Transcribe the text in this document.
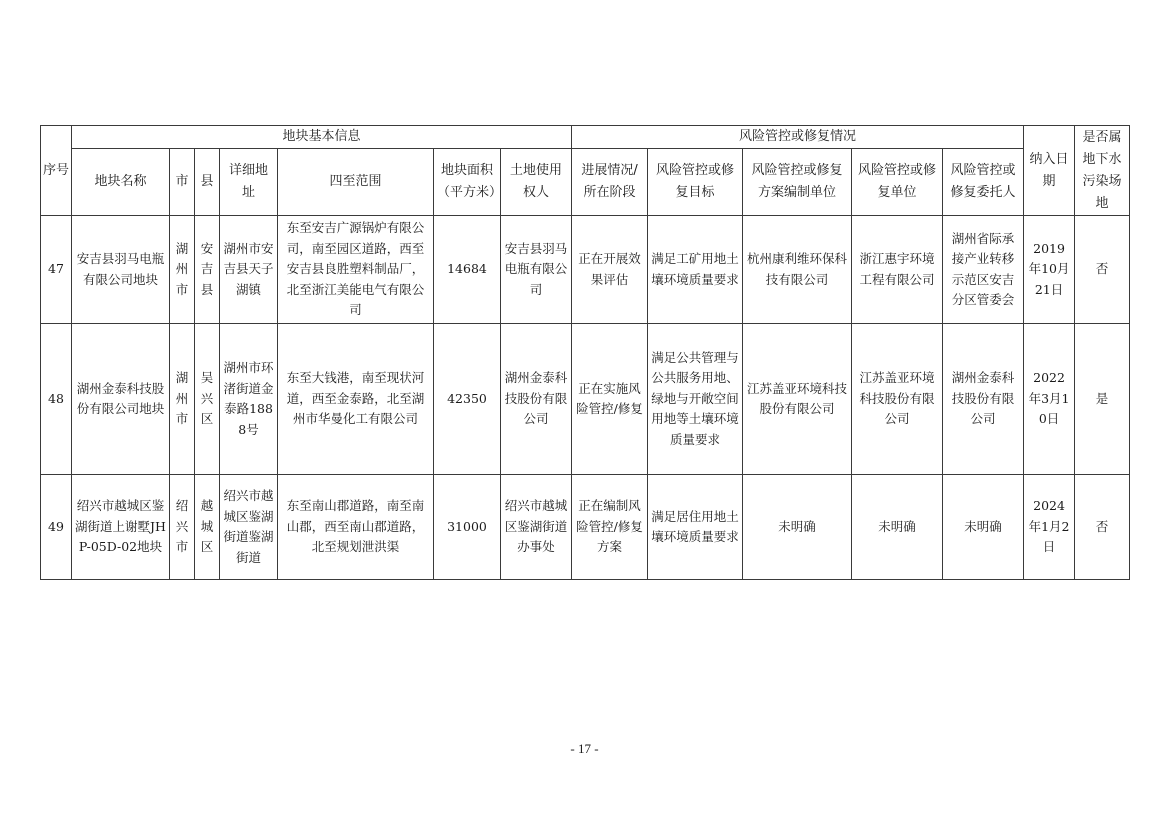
序号	地块基本信息							风险管控或修复情况					纳入日期	是否属地下水污染场地
	地块名称	市	县	详细地址	四至范围	地块面积（平方米）	土地使用权人	进展情况/所在阶段	风险管控或修复目标	风险管控或修复方案编制单位	风险管控或修复单位	风险管控或修复委托人		
47	安吉县羽马电瓶有限公司地块	湖州市	安吉县	湖州市安吉县天子湖镇	东至安吉广源锅炉有限公司，南至园区道路，西至安吉县良胜塑料制品厂，北至浙江美能电气有限公司	14684	安吉县羽马电瓶有限公司	正在开展效果评估	满足工矿用地土壤环境质量要求	杭州康利维环保科技有限公司	浙江惠宇环境工程有限公司	湖州省际承接产业转移示范区安吉分区管委会	2019年10月21日	否
48	湖州金泰科技股份有限公司地块	湖州市	吴兴区	湖州市环渚街道金泰路1888号	东至大钱港，南至现状河道，西至金泰路，北至湖州市华曼化工有限公司	42350	湖州金泰科技股份有限公司	正在实施风险管控/修复	满足公共管理与公共服务用地、绿地与开敞空间用地等土壤环境质量要求	江苏盖亚环境科技股份有限公司	江苏盖亚环境科技股份有限公司	湖州金泰科技股份有限公司	2022年3月10日	是
49	绍兴市越城区鉴湖街道上谢墅JHP-05D-02地块	绍兴市	越城区	绍兴市越城区鉴湖街道鉴湖街道	东至南山郡道路，南至南山郡，西至南山郡道路，北至规划泄洪渠	31000	绍兴市越城区鉴湖街道办事处	正在编制风险管控/修复方案	满足居住用地土壤环境质量要求	未明确	未明确	未明确	2024年1月2日	否
- 17 -
